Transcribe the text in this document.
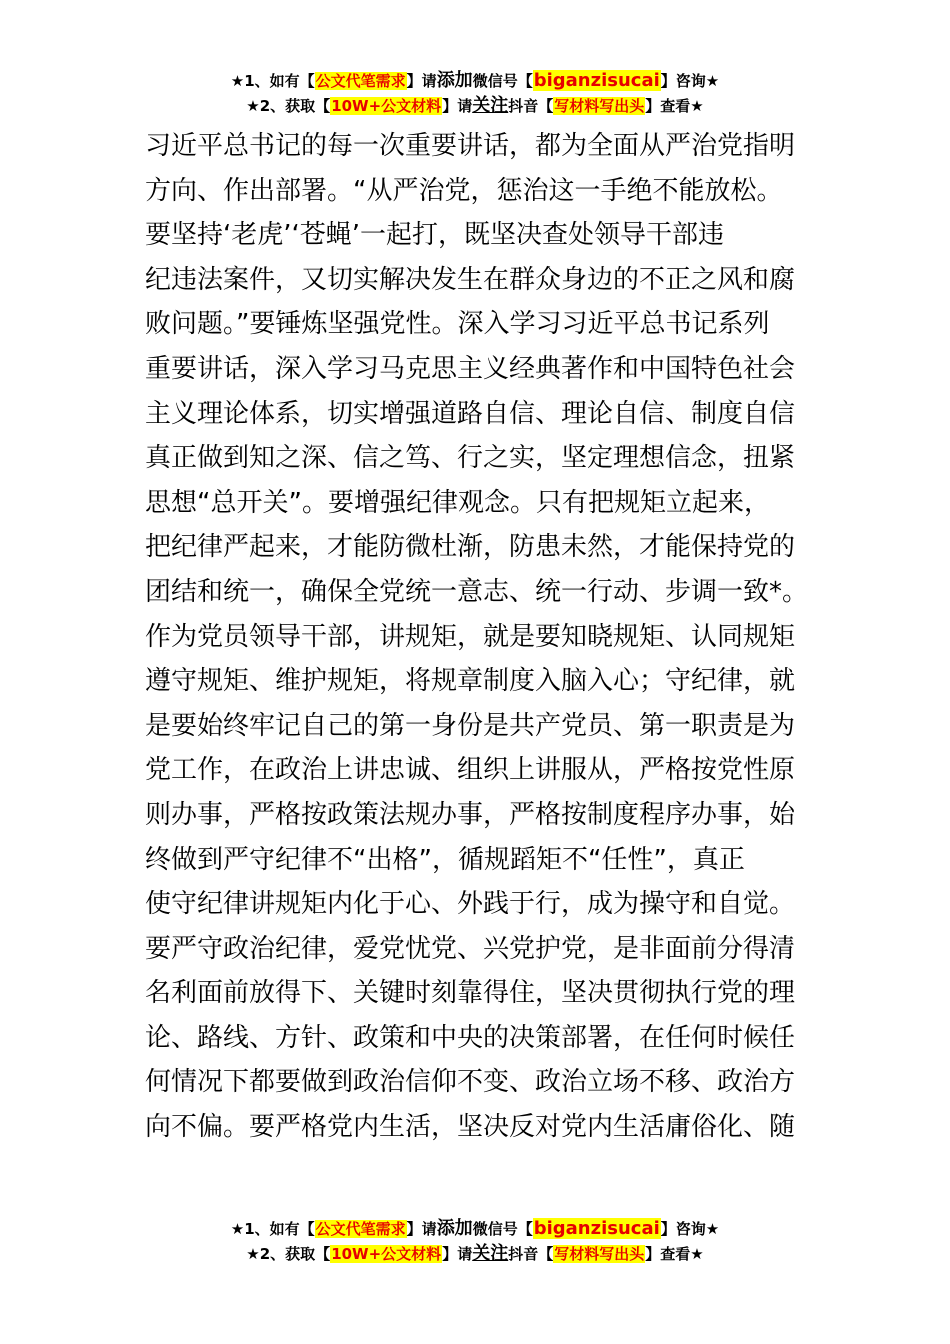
★1、如有【公文代笔需求】请添加微信号【biganzisucai】咨询★
★2、获取【10W+公文材料】请关注抖音【写材料写出头】查看★
习近平总书记的每一次重要讲话，都为全面从严治党指明
方向、作出部署。“从严治党，惩治这一手绝不能放松。
要坚持‘老虎’‘苍蝇’一起打，既坚决查处领导干部违
纪违法案件，又切实解决发生在群众身边的不正之风和腐
败问题。”要锤炼坚强党性。深入学习习近平总书记系列
重要讲话，深入学习马克思主义经典著作和中国特色社会
主义理论体系，切实增强道路自信、理论自信、制度自信
真正做到知之深、信之笃、行之实，坚定理想信念，扭紧
思想“总开关”。要增强纪律观念。只有把规矩立起来，
把纪律严起来，才能防微杜渐，防患未然，才能保持党的
团结和统一，确保全党统一意志、统一行动、步调一致*。
作为党员领导干部，讲规矩，就是要知晓规矩、认同规矩
遵守规矩、维护规矩，将规章制度入脑入心；守纪律，就
是要始终牢记自己的第一身份是共产党员、第一职责是为
党工作，在政治上讲忠诚、组织上讲服从，严格按党性原
则办事，严格按政策法规办事，严格按制度程序办事，始
终做到严守纪律不“出格”，循规蹈矩不“任性”，真正
使守纪律讲规矩内化于心、外践于行，成为操守和自觉。
要严守政治纪律，爱党忧党、兴党护党，是非面前分得清
名利面前放得下、关键时刻靠得住，坚决贯彻执行党的理
论、路线、方针、政策和中央的决策部署，在任何时候任
何情况下都要做到政治信仰不变、政治立场不移、政治方
向不偏。要严格党内生活，坚决反对党内生活庸俗化、随
★1、如有【公文代笔需求】请添加微信号【biganzisucai】咨询★
★2、获取【10W+公文材料】请关注抖音【写材料写出头】查看★
